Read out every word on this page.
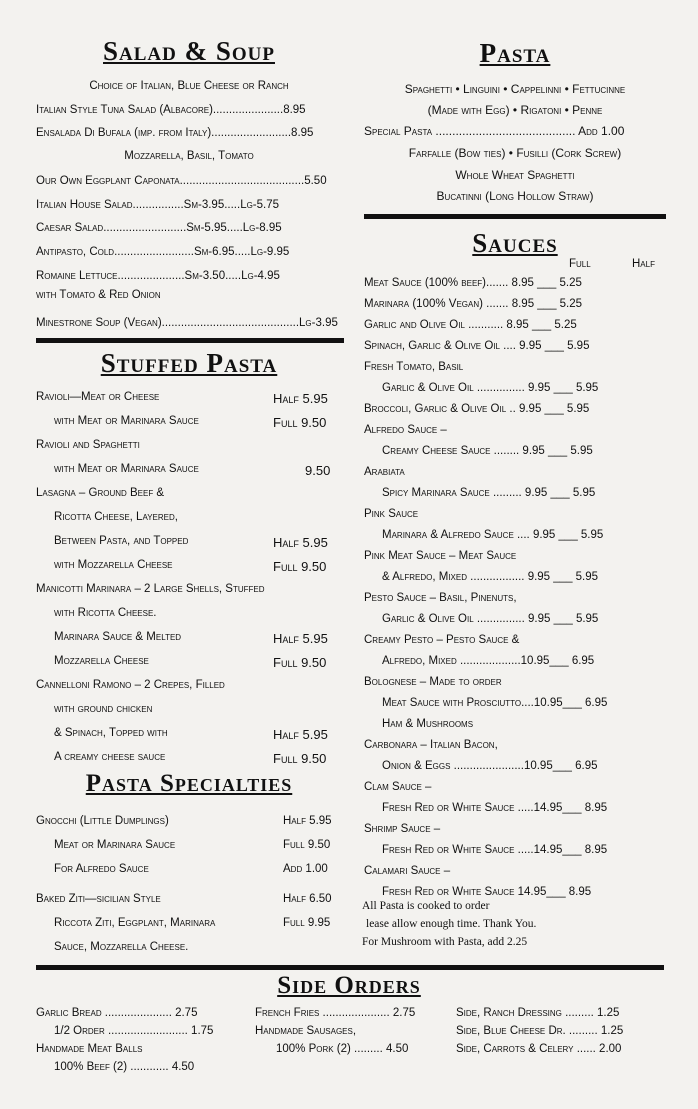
Salad & Soup
Choice of Italian, Blue Cheese or Ranch
Italian Style Tuna Salad (Albacore)......................8.95
Ensalada Di Bufala (imp. from Italy).........................8.95
Mozzarella, Basil, Tomato
Our Own Eggplant Caponata.......................................5.50
Italian House Salad................Sm-3.95.....Lg-5.75
Caesar Salad..........................Sm-5.95.....Lg-8.95
Antipasto, Cold.........................Sm-6.95.....Lg-9.95
Romaine Lettuce.....................Sm-3.50.....Lg-4.95
with Tomato & Red Onion
Minestrone Soup (Vegan)...........................................Lg-3.95
Stuffed Pasta
Ravioli—Meat or Cheese	Half 5.95
with Meat or Marinara Sauce	Full 9.50
Ravioli and Spaghetti
with Meat or Marinara Sauce	9.50
Lasagna – Ground Beef &
Ricotta Cheese, Layered,
Between Pasta, and Topped	Half 5.95
with Mozzarella Cheese	Full 9.50
Manicotti Marinara – 2 Large Shells, Stuffed
with Ricotta Cheese.
Marinara Sauce & Melted	Half 5.95
Mozzarella Cheese	Full 9.50
Cannelloni Ramono – 2 Crepes, Filled
with ground chicken
& Spinach, Topped with	Half 5.95
A creamy cheese sauce	Full 9.50
Pasta Specialties
Gnocchi (Little Dumplings)	Half 5.95
Meat or Marinara Sauce	Full 9.50
For Alfredo Sauce	Add 1.00
Baked Ziti—sicilian Style	Half 6.50
Riccota Ziti, Eggplant, Marinara	Full 9.95
Sauce, Mozzarella Cheese.
Pasta
Spaghetti • Linguini • Cappelinni • Fettucinne
(Made with Egg) • Rigatoni • Penne
Special Pasta .......................................... Add 1.00
Farfalle (Bow ties) • Fusilli (Cork Screw)
Whole Wheat Spaghetti
Bucatinni (Long Hollow Straw)
Sauces
Full	Half
Meat Sauce (100% beef)....... 8.95 ___ 5.25
Marinara (100% Vegan) ....... 8.95 ___ 5.25
Garlic and Olive Oil ........... 8.95 ___ 5.25
Spinach, Garlic & Olive Oil .... 9.95 ___ 5.95
Fresh Tomato, Basil
Garlic & Olive Oil ............... 9.95 ___ 5.95
Broccoli, Garlic & Olive Oil .. 9.95 ___ 5.95
Alfredo Sauce –
Creamy Cheese Sauce ........ 9.95 ___ 5.95
Arabiata
Spicy Marinara Sauce ......... 9.95 ___ 5.95
Pink Sauce
Marinara & Alfredo Sauce .... 9.95 ___ 5.95
Pink Meat Sauce – Meat Sauce
& Alfredo, Mixed ................. 9.95 ___ 5.95
Pesto Sauce – Basil, Pinenuts,
Garlic & Olive Oil ............... 9.95 ___ 5.95
Creamy Pesto – Pesto Sauce &
Alfredo, Mixed ...................10.95___ 6.95
Bolognese – Made to order
Meat Sauce with Prosciutto....10.95___ 6.95
Ham & Mushrooms
Carbonara – Italian Bacon,
Onion & Eggs ......................10.95___ 6.95
Clam Sauce –
Fresh Red or White Sauce .....14.95___ 8.95
Shrimp Sauce –
Fresh Red or White Sauce .....14.95___ 8.95
Calamari Sauce –
Fresh Red or White Sauce 14.95___ 8.95
All Pasta is cooked to order
lease allow enough time. Thank You.
For Mushroom with Pasta, add 2.25
Side Orders
Garlic Bread ..................... 2.75
1/2 Order ......................... 1.75
Handmade Meat Balls
100% Beef (2) ............ 4.50
French Fries ..................... 2.75
Handmade Sausages,
100% Pork (2) ......... 4.50
Side, Ranch Dressing ......... 1.25
Side, Blue Cheese Dr. ......... 1.25
Side, Carrots & Celery ...... 2.00
